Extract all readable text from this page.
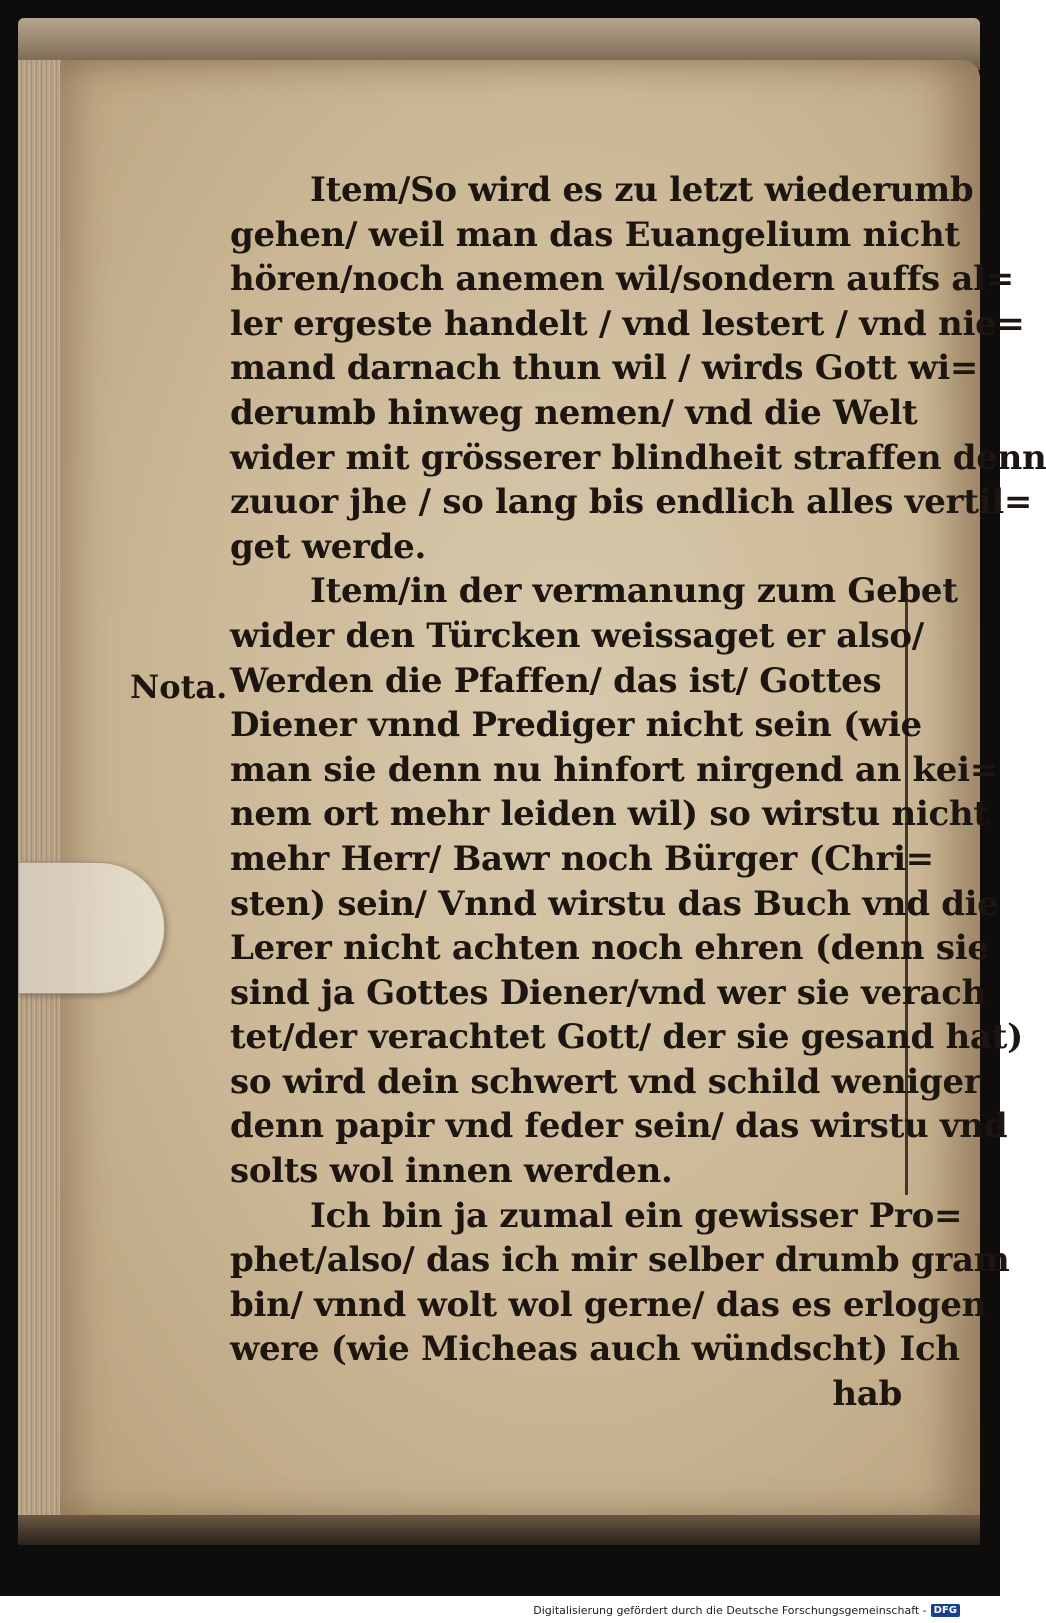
Nota.
Item/So wird es zu letzt wiederumb
gehen/ weil man das Euangelium nicht
hören/noch anemen wil/sondern auffs al=
ler ergeste handelt / vnd lestert / vnd nie=
mand darnach thun wil / wirds Gott wi=
derumb hinweg nemen/ vnd die Welt
wider mit grösserer blindheit straffen denn
zuuor jhe / so lang bis endlich alles vertil=
get werde.
Item/in der vermanung zum Gebet
wider den Türcken weissaget er also/
Werden die Pfaffen/ das ist/ Gottes
Diener vnnd Prediger nicht sein (wie
man sie denn nu hinfort nirgend an kei=
nem ort mehr leiden wil) so wirstu nicht
mehr Herr/ Bawr noch Bürger (Chri=
sten) sein/ Vnnd wirstu das Buch vnd die
Lerer nicht achten noch ehren (denn sie
sind ja Gottes Diener/vnd wer sie verach
tet/der verachtet Gott/ der sie gesand hat)
so wird dein schwert vnd schild weniger
denn papir vnd feder sein/ das wirstu vnd
solts wol innen werden.
Ich bin ja zumal ein gewisser Pro=
phet/also/ das ich mir selber drumb gram
bin/ vnnd wolt wol gerne/ das es erlogen
were (wie Micheas auch wündscht) Ich
hab
Digitalisierung gefördert durch die Deutsche Forschungsgemeinschaft - DFG
